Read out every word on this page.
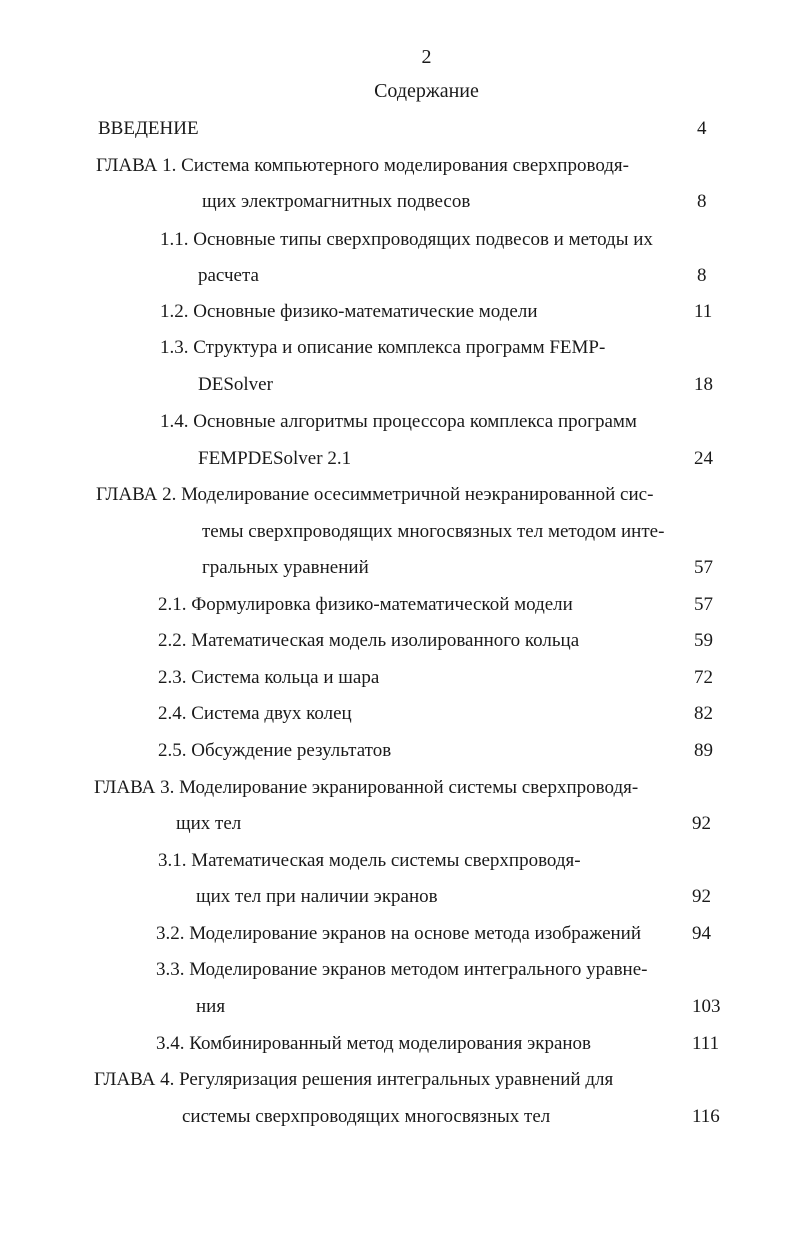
2
Содержание
ВВЕДЕНИЕ	4
ГЛАВА 1. Система компьютерного моделирования сверхпроводя-
щих электромагнитных подвесов	8
1.1. Основные типы сверхпроводящих подвесов и методы их
расчета	8
1.2. Основные физико-математические модели	11
1.3. Структура и описание комплекса программ FEMP-
DESolver	18
1.4. Основные алгоритмы процессора комплекса программ
FEMPDESolver 2.1	24
ГЛАВА 2. Моделирование осесимметричной неэкранированной сис-
темы сверхпроводящих многосвязных тел методом инте-
гральных уравнений	57
2.1. Формулировка физико-математической модели	57
2.2. Математическая модель изолированного кольца	59
2.3. Система кольца и шара	72
2.4. Система двух колец	82
2.5. Обсуждение результатов	89
ГЛАВА 3. Моделирование экранированной системы сверхпроводя-
щих тел	92
3.1. Математическая модель системы сверхпроводя-
щих тел при наличии экранов	92
3.2. Моделирование экранов на основе метода изображений	94
3.3. Моделирование экранов методом интегрального уравне-
ния	103
3.4. Комбинированный метод моделирования экранов	111
ГЛАВА 4. Регуляризация решения интегральных уравнений для
системы сверхпроводящих многосвязных тел	116
